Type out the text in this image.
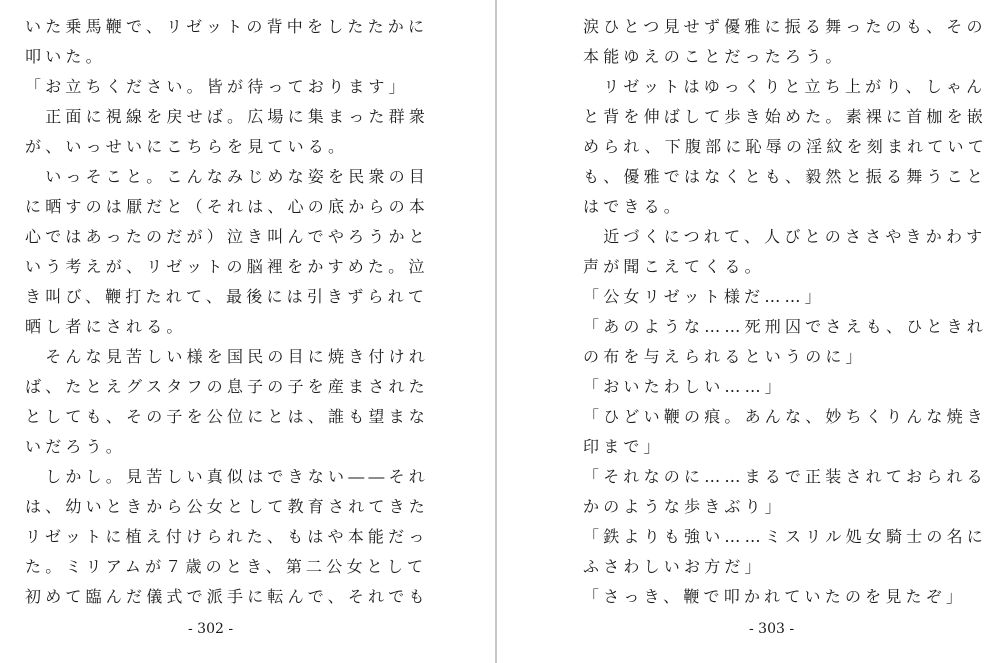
いた乗馬鞭で、リゼットの背中をしたたかに
叩いた。
「お立ちください。皆が待っております」
　正面に視線を戻せば。広場に集まった群衆
が、いっせいにこちらを見ている。
　いっそこと。こんなみじめな姿を民衆の目
に晒すのは厭だと（それは、心の底からの本
心ではあったのだが）泣き叫んでやろうかと
いう考えが、リゼットの脳裡をかすめた。泣
き叫び、鞭打たれて、最後には引きずられて
晒し者にされる。
　そんな見苦しい様を国民の目に焼き付けれ
ば、たとえグスタフの息子の子を産まされた
としても、その子を公位にとは、誰も望まな
いだろう。
　しかし。見苦しい真似はできない――それ
は、幼いときから公女として教育されてきた
リゼットに植え付けられた、もはや本能だっ
た。ミリアムが７歳のとき、第二公女として
初めて臨んだ儀式で派手に転んで、それでも
- 302 -
涙ひとつ見せず優雅に振る舞ったのも、その
本能ゆえのことだったろう。
　リゼットはゆっくりと立ち上がり、しゃん
と背を伸ばして歩き始めた。素裸に首枷を嵌
められ、下腹部に恥辱の淫紋を刻まれていて
も、優雅ではなくとも、毅然と振る舞うこと
はできる。
　近づくにつれて、人びとのささやきかわす
声が聞こえてくる。
「公女リゼット様だ……」
「あのような……死刑囚でさえも、ひときれ
の布を与えられるというのに」
「おいたわしい……」
「ひどい鞭の痕。あんな、妙ちくりんな焼き
印まで」
「それなのに……まるで正装されておられる
かのような歩きぶり」
「鉄よりも強い……ミスリル処女騎士の名に
ふさわしいお方だ」
「さっき、鞭で叩かれていたのを見たぞ」
- 303 -
